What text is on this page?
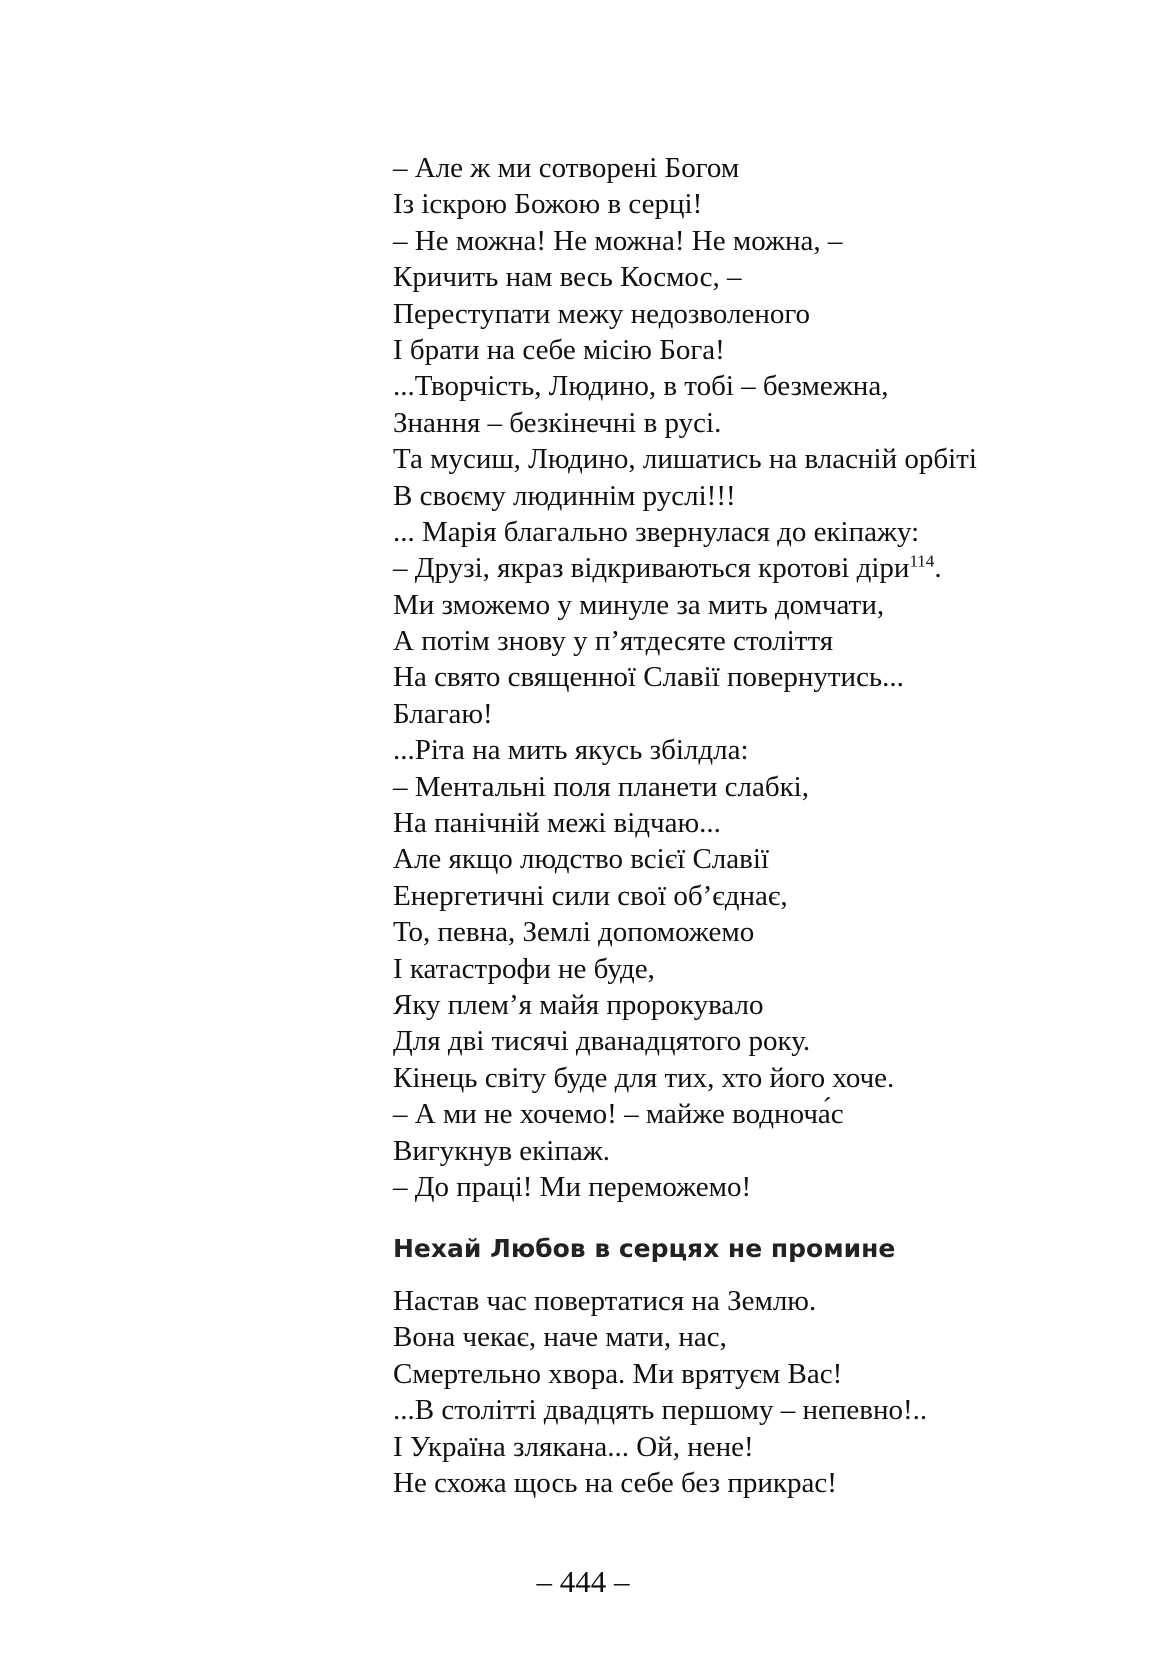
– Але ж ми сотворені Богом
Із іскрою Божою в серці!
– Не можна! Не можна! Не можна, –
Кричить нам весь Космос, –
Переступати межу недозволеного
І брати на себе місію Бога!
...Творчість, Людино, в тобі – безмежна,
Знання – безкінечні в русі.
Та мусиш, Людино, лишатись на власній орбіті
В своєму людиннім руслі!!!
... Марія благально звернулася до екіпажу:
– Друзі, якраз відкриваються кротові діри$^{114}$.
Ми зможемо у минуле за мить домчати,
А потім знову у п’ятдесяте століття
На свято священної Славії повернутись...
Благаю!
...Ріта на мить якусь збілдла:
– Ментальні поля планети слабкі,
На панічній межі відчаю...
Але якщо людство всієї Славії
Енергетичні сили свої об’єднає,
То, певна, Землі допоможемо
І катастрофи не буде,
Яку плем’я майя пророкувало
Для дві тисячі дванадцятого року.
Кінець світу буде для тих, хто його хоче.
– А ми не хочемо! – майже водноча́с
Вигукнув екіпаж.
– До праці! Ми переможемо!
Нехай Любов в серцях не промине
Настав час повертатися на Землю.
Вона чекає, наче мати, нас,
Смертельно хвора. Ми врятуєм Вас!
...В столітті двадцять першому – непевно!..
І Україна злякана... Ой, нене!
Не схожа щось на себе без прикрас!
– 444 –
